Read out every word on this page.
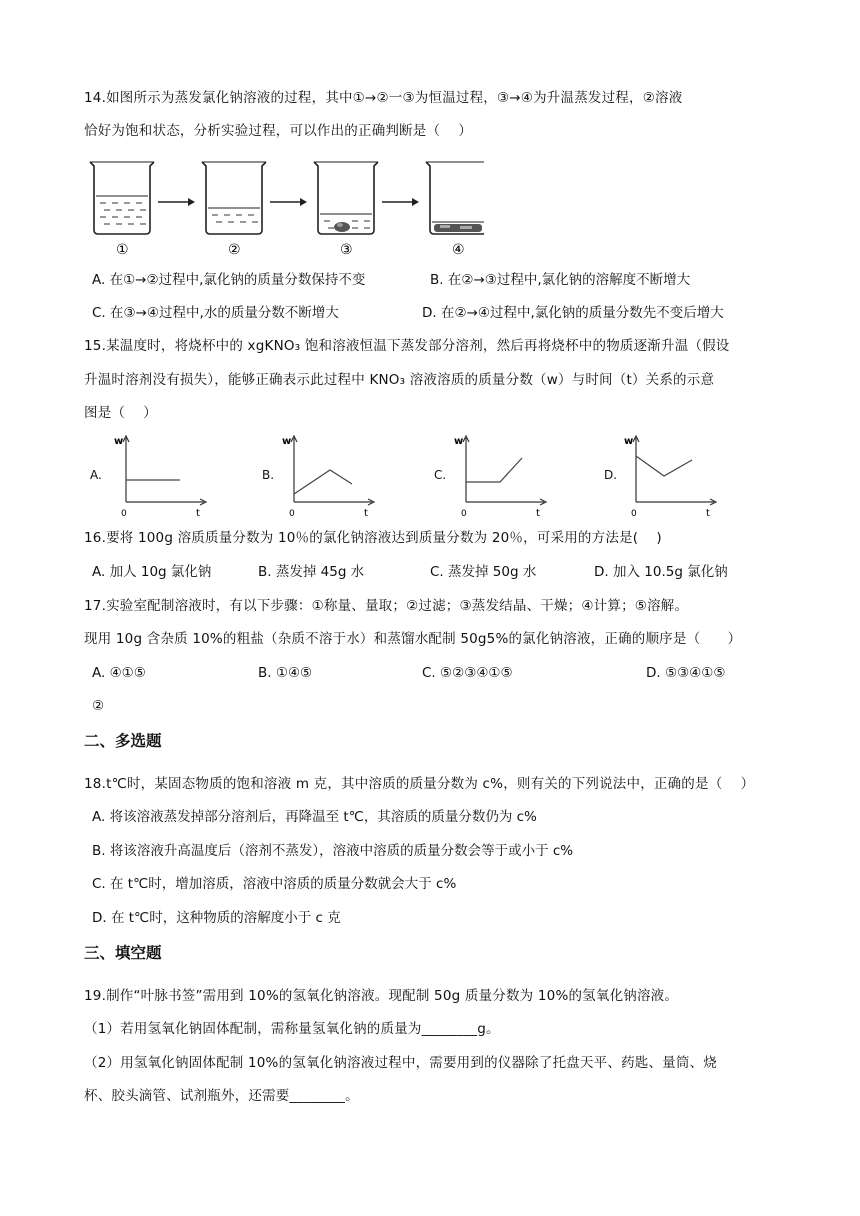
14.如图所示为蒸发氯化钠溶液的过程，其中①→②一③为恒温过程，③→④为升温蒸发过程，②溶液
恰好为饱和状态，分析实验过程，可以作出的正确判断是（　 ）
①	②	③	④
A. 在①→②过程中,氯化钠的质量分数保持不变	B. 在②→③过程中,氯化钠的溶解度不断增大
C. 在③→④过程中,水的质量分数不断增大	D. 在②→④过程中,氯化钠的质量分数先不变后增大
15.某温度时，将烧杯中的 xgKNO₃ 饱和溶液恒温下蒸发部分溶剂，然后再将烧杯中的物质逐渐升温（假设
升温时溶剂没有损失），能够正确表示此过程中 KNO₃ 溶液溶质的质量分数（w）与时间（t）关系的示意
图是（　 ）
A.
w
0	t
B.
w
0	t
C.
w
0	t
D.
w
0	t
16.要将 100g 溶质质量分数为 10％的氯化钠溶液达到质量分数为 20％，可采用的方法是(　 )
A. 加人 10g 氯化钠	B. 蒸发掉 45g 水	C. 蒸发掉 50g 水	D. 加入 10.5g 氯化钠
17.实验室配制溶液时，有以下步骤：①称量、量取；②过滤；③蒸发结晶、干燥；④计算；⑤溶解。
现用 10g 含杂质 10%的粗盐（杂质不溶于水）和蒸馏水配制 50g5%的氯化钠溶液，正确的顺序是（　　）
A. ④①⑤	B. ①④⑤	C. ⑤②③④①⑤	D. ⑤③④①⑤
②
二、多选题
18.t℃时，某固态物质的饱和溶液 m 克，其中溶质的质量分数为 c%，则有关的下列说法中，正确的是（　 ）
A. 将该溶液蒸发掉部分溶剂后，再降温至 t℃，其溶质的质量分数仍为 c%
B. 将该溶液升高温度后（溶剂不蒸发），溶液中溶质的质量分数会等于或小于 c%
C. 在 t℃时，增加溶质，溶液中溶质的质量分数就会大于 c%
D. 在 t℃时，这种物质的溶解度小于 c 克
三、填空题
19.制作“叶脉书签”需用到 10%的氢氧化钠溶液。现配制 50g 质量分数为 10%的氢氧化钠溶液。
（1）若用氢氧化钠固体配制，需称量氢氧化钠的质量为________g。
（2）用氢氧化钠固体配制 10%的氢氧化钠溶液过程中，需要用到的仪器除了托盘天平、药匙、量筒、烧
杯、胶头滴管、试剂瓶外，还需要________。
